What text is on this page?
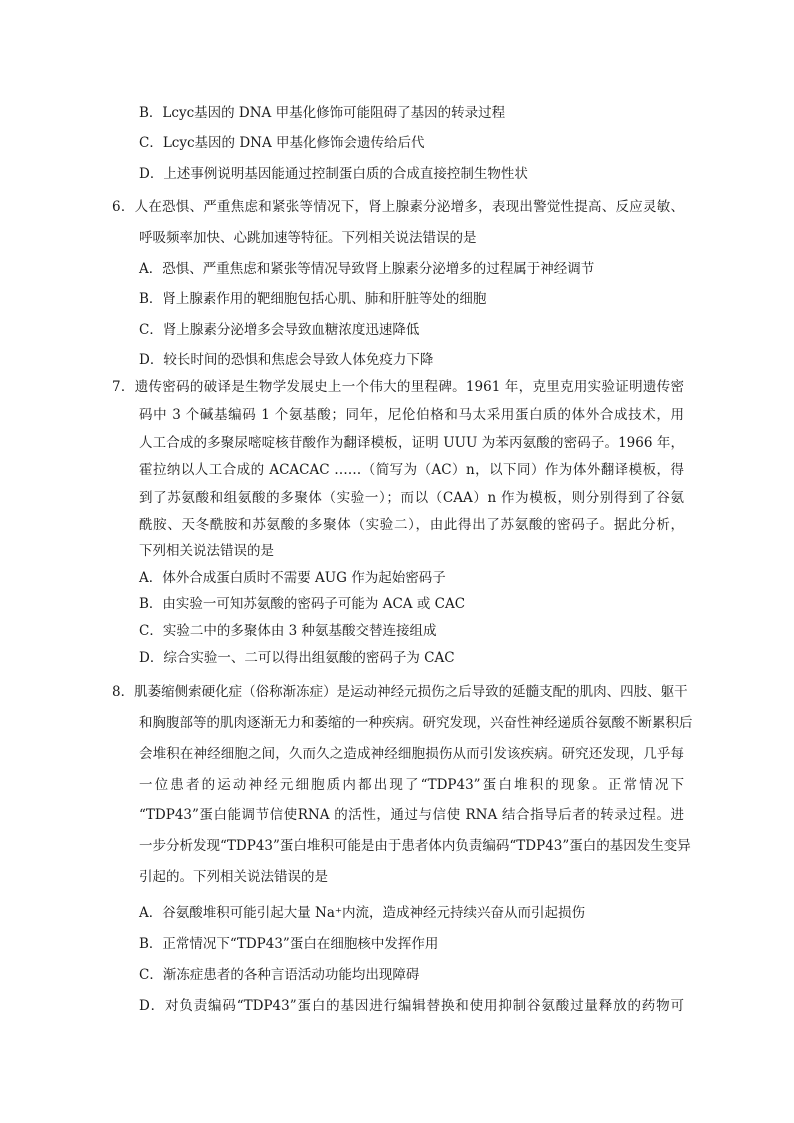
B．Lcyc基因的 DNA 甲基化修饰可能阻碍了基因的转录过程
C．Lcyc基因的 DNA 甲基化修饰会遗传给后代
D．上述事例说明基因能通过控制蛋白质的合成直接控制生物性状
6．人在恐惧、严重焦虑和紧张等情况下，肾上腺素分泌增多，表现出警觉性提高、反应灵敏、
呼吸频率加快、心跳加速等特征。下列相关说法错误的是
A．恐惧、严重焦虑和紧张等情况导致肾上腺素分泌增多的过程属于神经调节
B．肾上腺素作用的靶细胞包括心肌、肺和肝脏等处的细胞
C．肾上腺素分泌增多会导致血糖浓度迅速降低
D．较长时间的恐惧和焦虑会导致人体免疫力下降
7．遗传密码的破译是生物学发展史上一个伟大的里程碑。1961 年，克里克用实验证明遗传密
码中 3 个碱基编码 1 个氨基酸；同年，尼伦伯格和马太采用蛋白质的体外合成技术，用
人工合成的多聚尿嘧啶核苷酸作为翻译模板，证明 UUU 为苯丙氨酸的密码子。1966 年，
霍拉纳以人工合成的 ACACAC ……（简写为（AC）n，以下同）作为体外翻译模板，得
到了苏氨酸和组氨酸的多聚体（实验一）；而以（CAA）n 作为模板，则分别得到了谷氨
酰胺、天冬酰胺和苏氨酸的多聚体（实验二），由此得出了苏氨酸的密码子。据此分析，
下列相关说法错误的是
A．体外合成蛋白质时不需要 AUG 作为起始密码子
B．由实验一可知苏氨酸的密码子可能为 ACA 或 CAC
C．实验二中的多聚体由 3 种氨基酸交替连接组成
D．综合实验一、二可以得出组氨酸的密码子为 CAC
8．肌萎缩侧索硬化症（俗称渐冻症）是运动神经元损伤之后导致的延髓支配的肌肉、四肢、躯干
和胸腹部等的肌肉逐渐无力和萎缩的一种疾病。研究发现，兴奋性神经递质谷氨酸不断累积后
会堆积在神经细胞之间，久而久之造成神经细胞损伤从而引发该疾病。研究还发现，几乎每
一位患者的运动神经元细胞质内都出现了“TDP43”蛋白堆积的现象。正常情况下
“TDP43”蛋白能调节信使RNA 的活性，通过与信使 RNA 结合指导后者的转录过程。进
一步分析发现“TDP43”蛋白堆积可能是由于患者体内负责编码“TDP43”蛋白的基因发生变异
引起的。下列相关说法错误的是
A．谷氨酸堆积可能引起大量 Na⁺内流，造成神经元持续兴奋从而引起损伤
B．正常情况下“TDP43”蛋白在细胞核中发挥作用
C．渐冻症患者的各种言语活动功能均出现障碍
D．对负责编码“TDP43”蛋白的基因进行编辑替换和使用抑制谷氨酸过量释放的药物可
